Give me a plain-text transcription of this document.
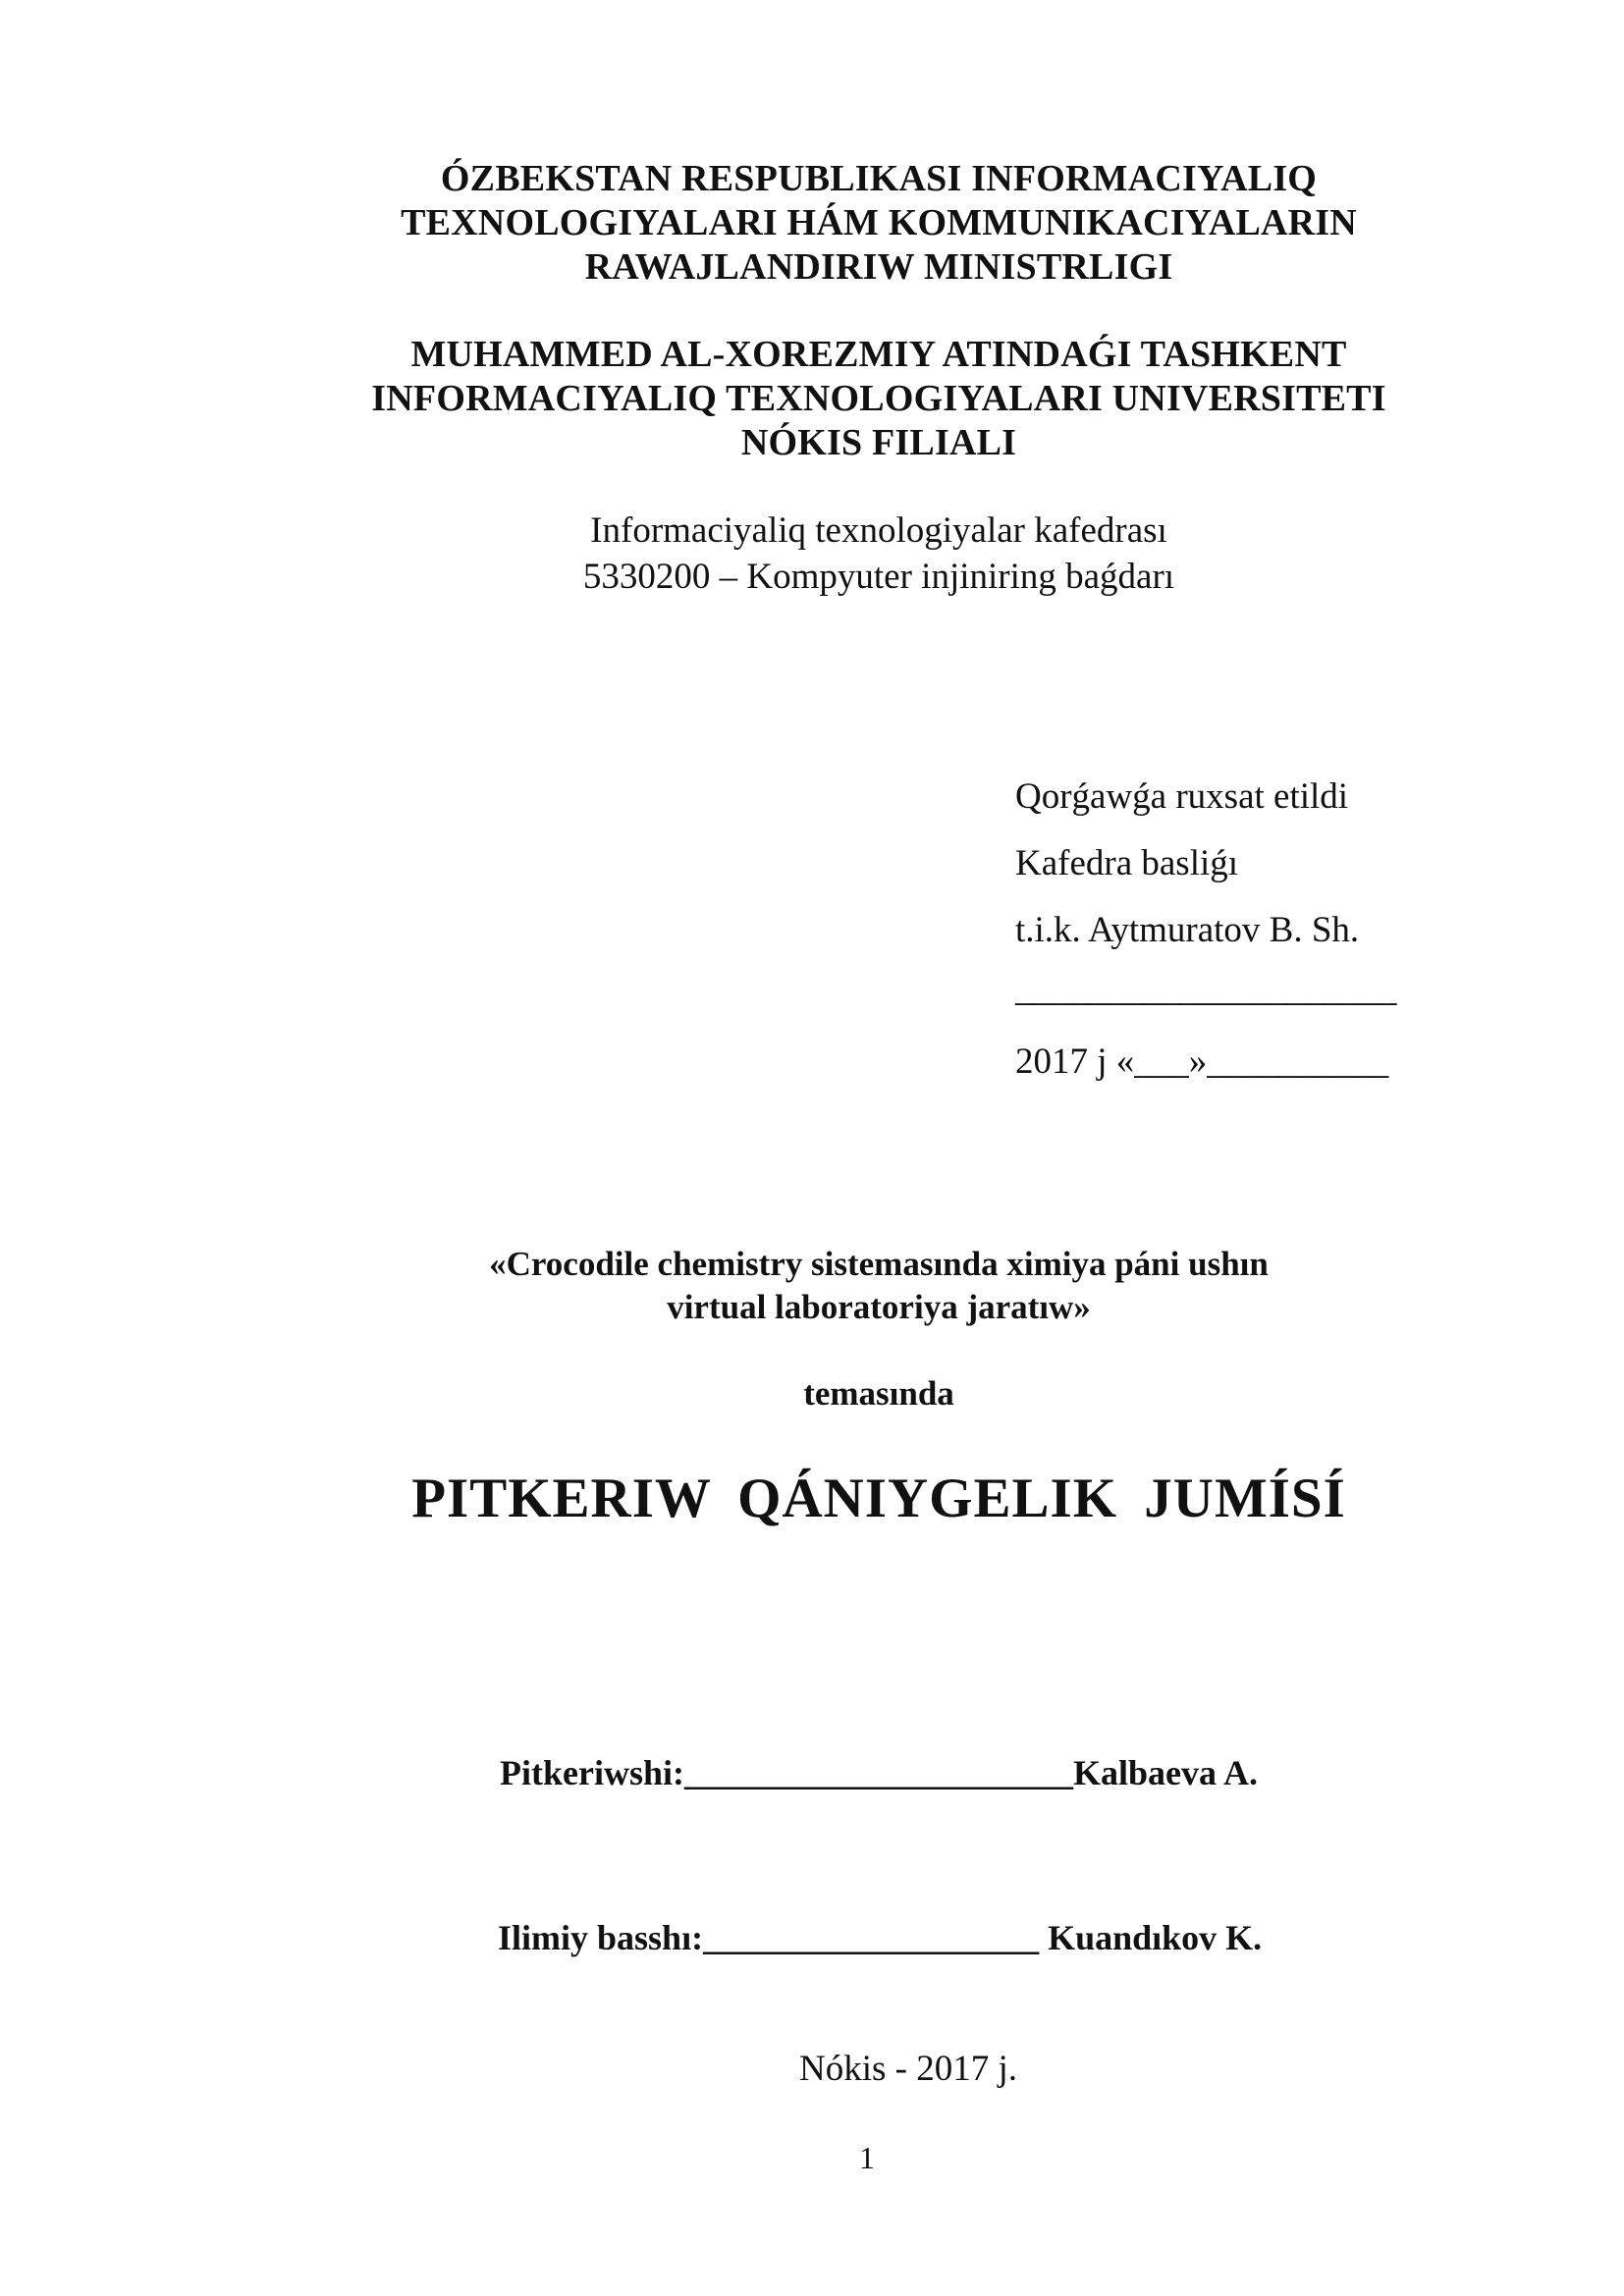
ÓZBEKSTAN RESPUBLIKASI INFORMACIYALIQ
TEXNOLOGIYALARI HÁM KOMMUNIKACIYALARIN
RAWAJLANDIRIW MINISTRLIGI
MUHAMMED AL-XOREZMIY ATINDAǴI TASHKENT
INFORMACIYALIQ TEXNOLOGIYALARI UNIVERSITETI
NÓKIS FILIALI
Informaciyaliq texnologiyalar kafedrası
5330200 – Kompyuter injiniring baǵdarı
Qorǵawǵa ruxsat etildi
Kafedra basliǵı
t.i.k. Aytmuratov B. Sh.
_____________________
2017 j «___»__________
«Crocodile chemistry sistemasında ximiya páni ushın
virtual laboratoriya jaratıw»
temasında
PITKERIW QÁNIYGELIK JUMÍSÍ
Pitkeriwshi:______________________Kalbaeva A.
Ilimiy basshı:___________________ Kuandıkov K.
Nókis - 2017 j.
1
